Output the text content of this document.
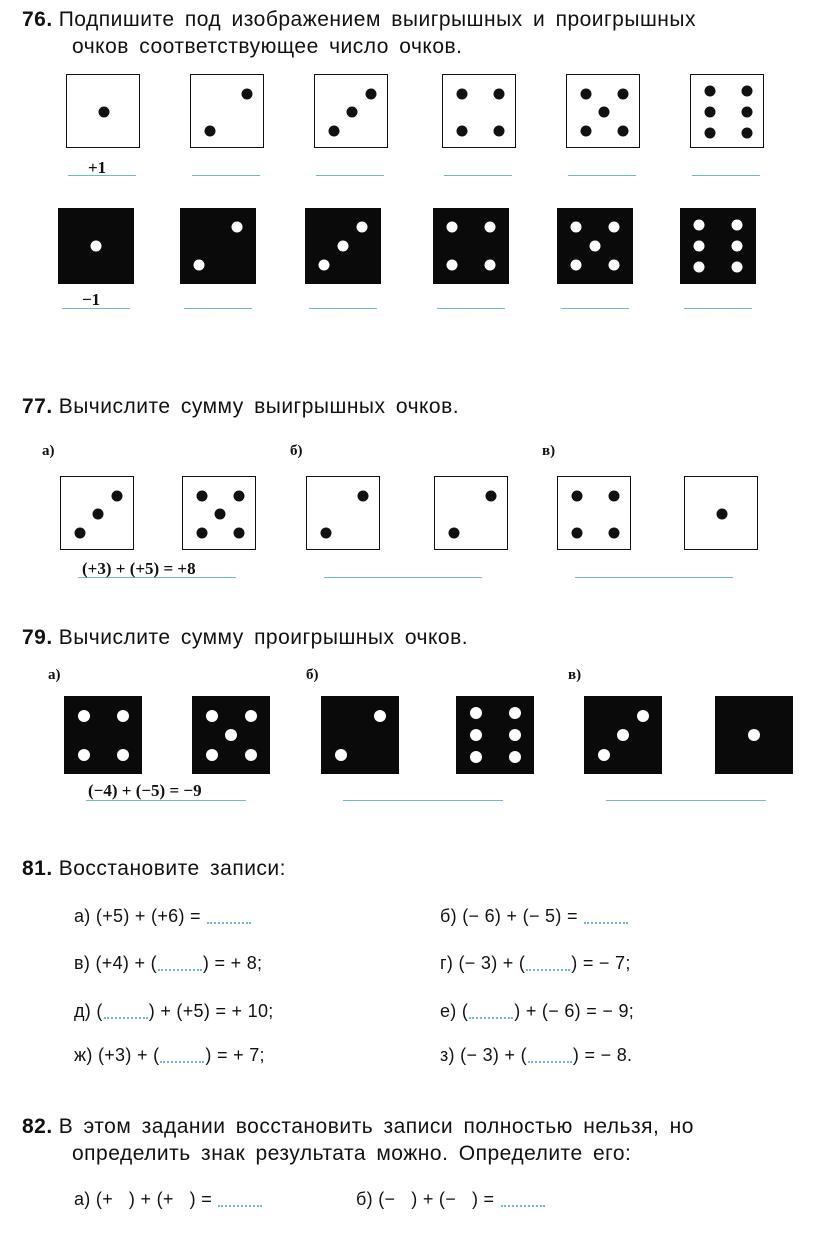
76. Подпишите под изображением выигрышных и проигрышных
очков соответствующее число очков.
+1
−1
77. Вычислите сумму выигрышных очков.
а)	б)	в)
(+3) + (+5) = +8
79. Вычислите сумму проигрышных очков.
а)	б)	в)
(−4) + (−5) = −9
81. Восстановите записи:
а) (+5) + (+6) =	б) (− 6) + (− 5) =
в) (+4) + (	) = + 8;	г) (− 3) + (	) = − 7;
д) (	) + (+5) = + 10;	е) (	) + (− 6) = − 9;
ж) (+3) + (	) = + 7;	з) (− 3) + (	) = − 8.
82. В этом задании восстановить записи полностью нельзя, но
определить знак результата можно. Определите его:
а) (+   ) + (+   ) =	б) (−   ) + (−   ) =
